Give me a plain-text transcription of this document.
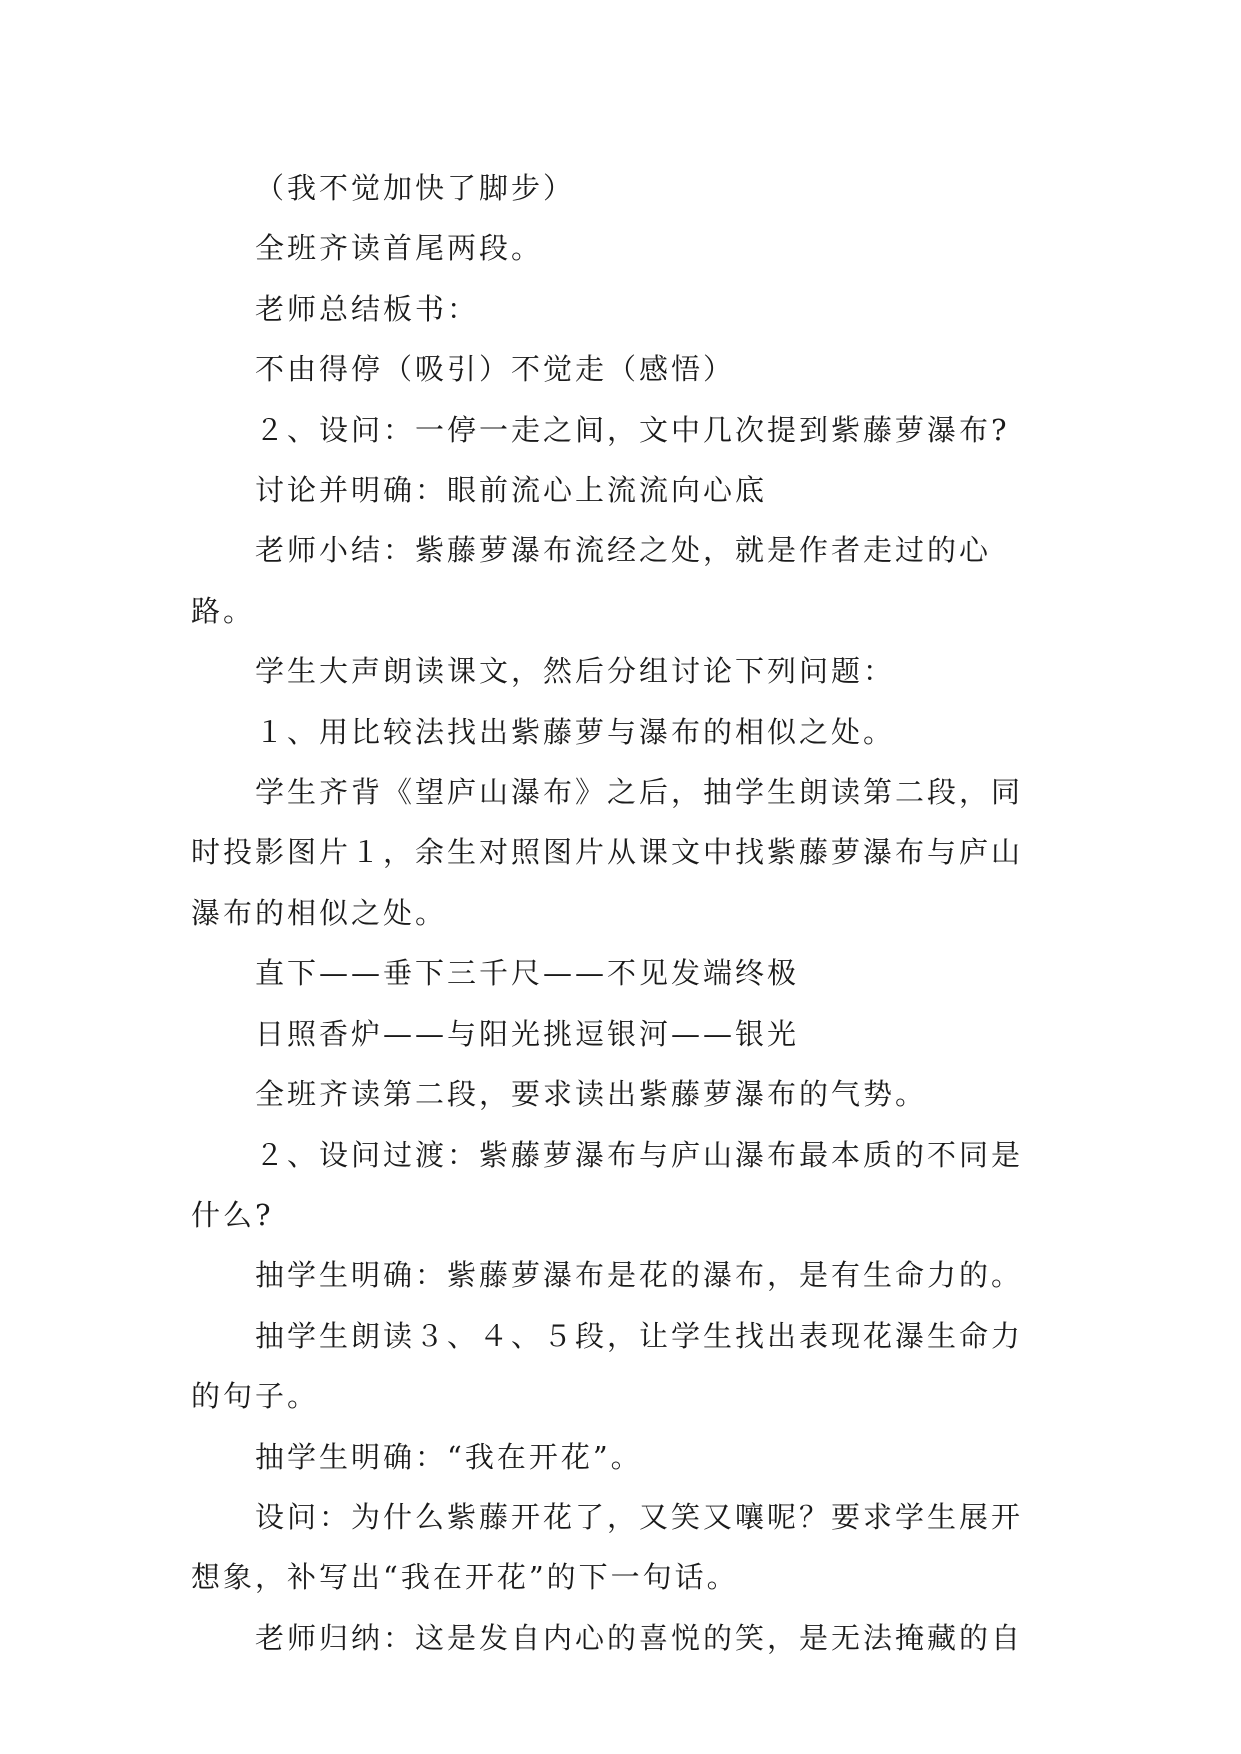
（我不觉加快了脚步）

全班齐读首尾两段。

老师总结板书：

不由得停（吸引）不觉走（感悟）

２、设问：一停一走之间，文中几次提到紫藤萝瀑布?

讨论并明确：眼前流心上流流向心底

老师小结：紫藤萝瀑布流经之处，就是作者走过的心路。

学生大声朗读课文，然后分组讨论下列问题：

１、用比较法找出紫藤萝与瀑布的相似之处。

学生齐背《望庐山瀑布》之后，抽学生朗读第二段，同时投影图片１，余生对照图片从课文中找紫藤萝瀑布与庐山瀑布的相似之处。

直下——垂下三千尺——不见发端终极

日照香炉——与阳光挑逗银河——银光

全班齐读第二段，要求读出紫藤萝瀑布的气势。

２、设问过渡：紫藤萝瀑布与庐山瀑布最本质的不同是什么?

抽学生明确：紫藤萝瀑布是花的瀑布，是有生命力的。

抽学生朗读３、４、５段，让学生找出表现花瀑生命力的句子。

抽学生明确：“我在开花”。

设问：为什么紫藤开花了，又笑又嚷呢？要求学生展开想象，补写出“我在开花”的下一句话。

老师归纳：这是发自内心的喜悦的笑，是无法掩藏的自
